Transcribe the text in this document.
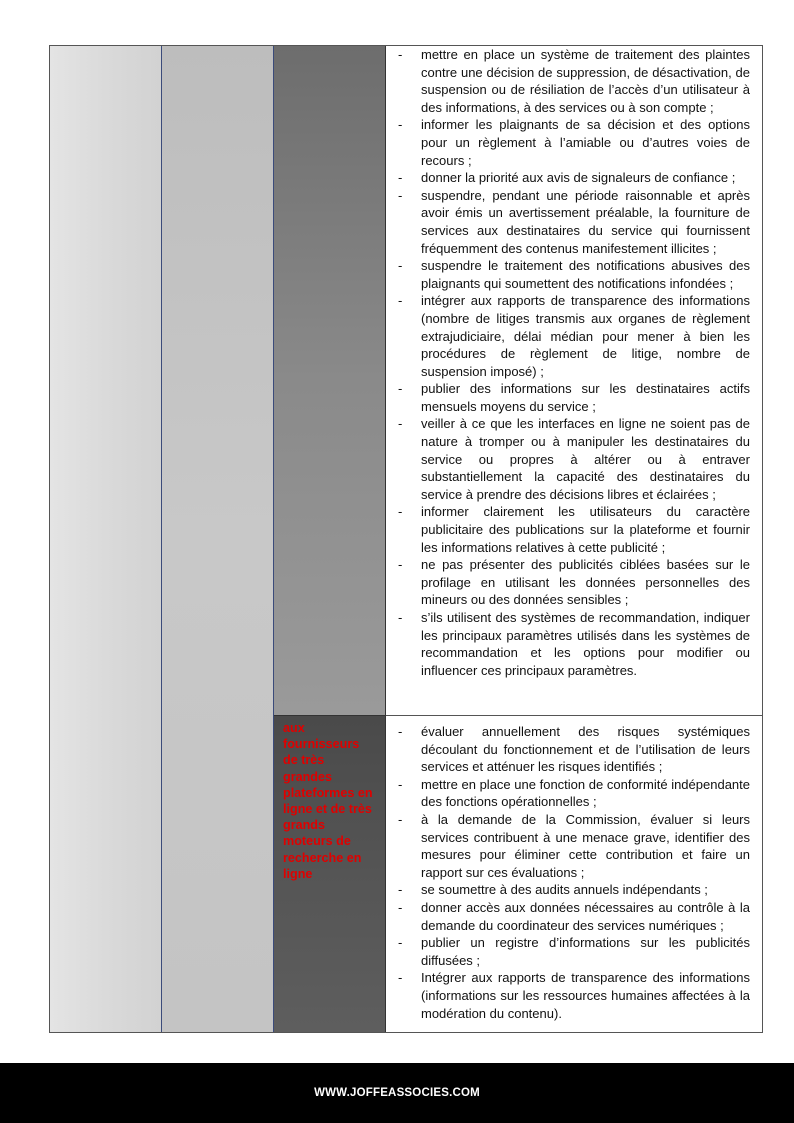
aux
fournisseurs
de très
grandes
plateformes en
ligne et de très
grands
moteurs de
recherche en
ligne

- mettre en place un système de traitement des plaintes contre une décision de suppression, de désactivation, de suspension ou de résiliation de l’accès d’un utilisateur à des informations, à des services ou à son compte ;
- informer les plaignants de sa décision et des options pour un règlement à l’amiable ou d’autres voies de recours ;
- donner la priorité aux avis de signaleurs de confiance ;
- suspendre, pendant une période raisonnable et après avoir émis un avertissement préalable, la fourniture de services aux destinataires du service qui fournissent fréquemment des contenus manifestement illicites ;
- suspendre le traitement des notifications abusives des plaignants qui soumettent des notifications infondées ;
- intégrer aux rapports de transparence des informations (nombre de litiges transmis aux organes de règlement extrajudiciaire, délai médian pour mener à bien les procédures de règlement de litige, nombre de suspension imposé) ;
- publier des informations sur les destinataires actifs mensuels moyens du service ;
- veiller à ce que les interfaces en ligne ne soient pas de nature à tromper ou à manipuler les destinataires du service ou propres à altérer ou à entraver substantiellement la capacité des destinataires du service à prendre des décisions libres et éclairées ;
- informer clairement les utilisateurs du caractère publicitaire des publications sur la plateforme et fournir les informations relatives à cette publicité ;
- ne pas présenter des publicités ciblées basées sur le profilage en utilisant les données personnelles des mineurs ou des données sensibles ;
- s’ils utilisent des systèmes de recommandation, indiquer les principaux paramètres utilisés dans les systèmes de recommandation et les options pour modifier ou influencer ces principaux paramètres.
- évaluer annuellement des risques systémiques découlant du fonctionnement et de l’utilisation de leurs services et atténuer les risques identifiés ;
- mettre en place une fonction de conformité indépendante des fonctions opérationnelles ;
- à la demande de la Commission, évaluer si leurs services contribuent à une menace grave, identifier des mesures pour éliminer cette contribution et faire un rapport sur ces évaluations ;
- se soumettre à des audits annuels indépendants ;
- donner accès aux données nécessaires au contrôle à la demande du coordinateur des services numériques ;
- publier un registre d’informations sur les publicités diffusées ;
- Intégrer aux rapports de transparence des informations (informations sur les ressources humaines affectées à la modération du contenu).
WWW.JOFFEASSOCIES.COM
